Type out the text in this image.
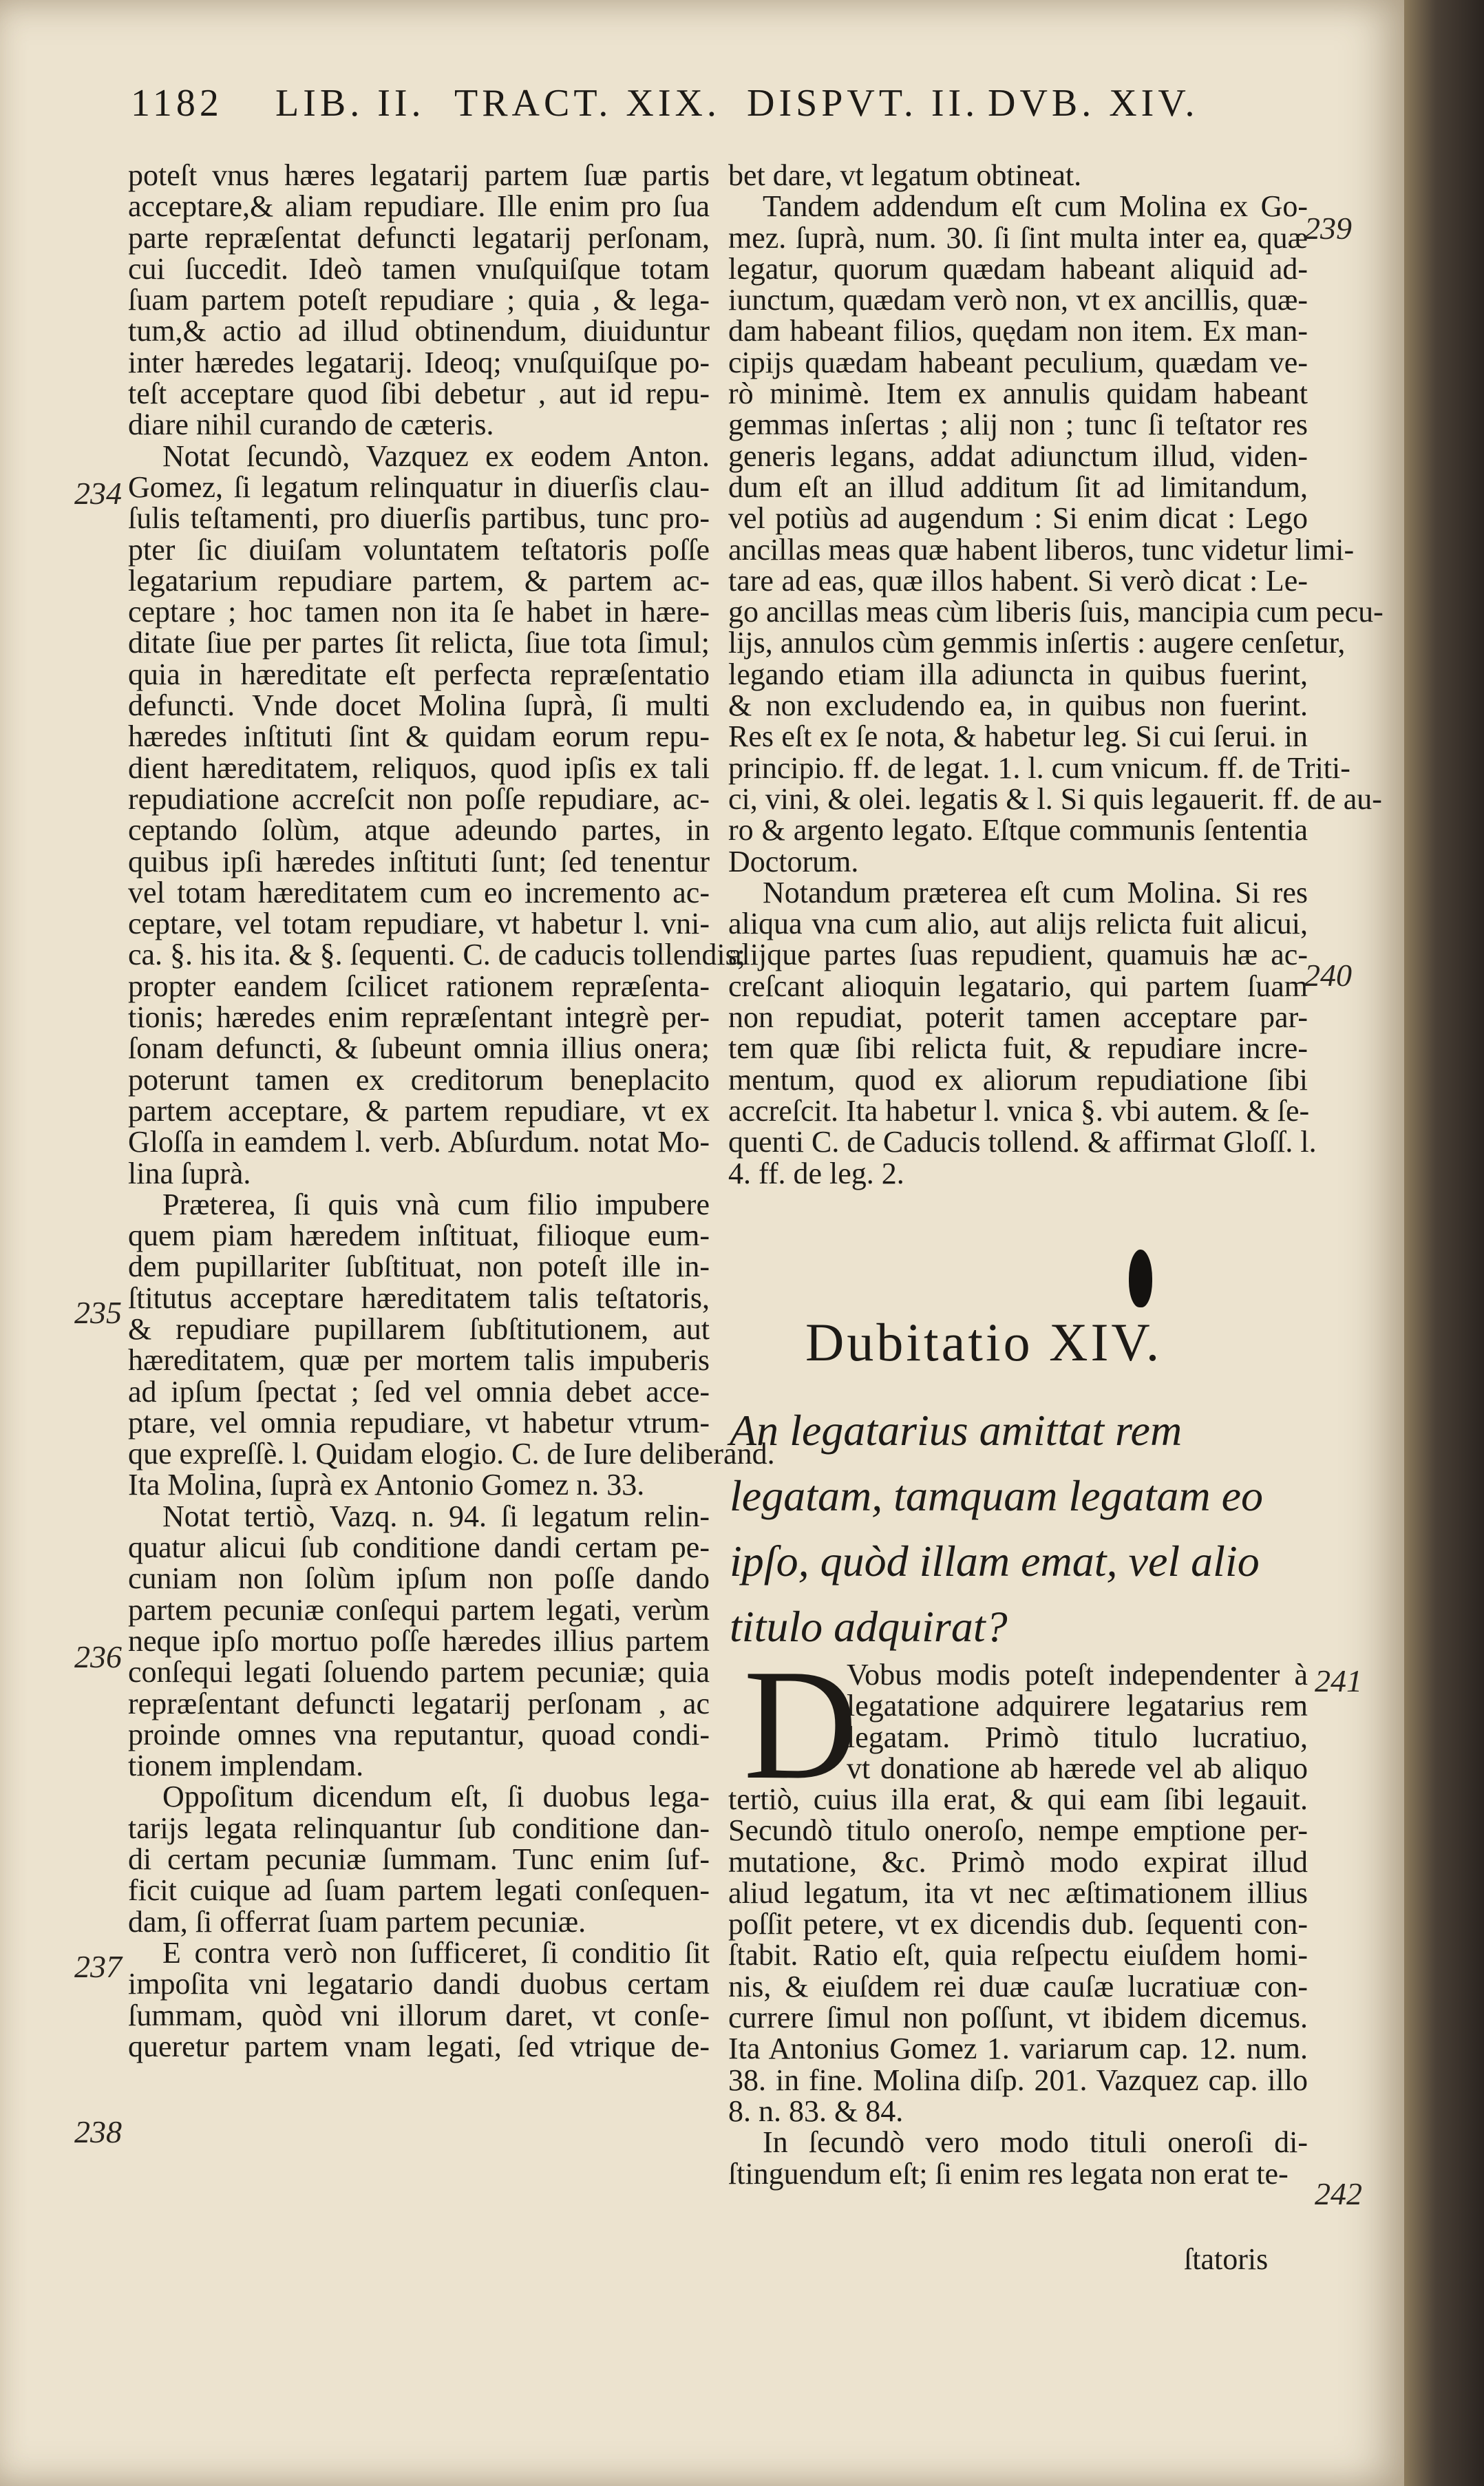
1182 LIB. II. TRACT. XIX. DISPVT. II. DVB. XIV.
poteſt vnus hæres legatarij partem ſuæ partis
acceptare,& aliam repudiare. Ille enim pro ſua
parte repræſentat defuncti legatarij perſonam,
cui ſuccedit. Ideò tamen vnuſquiſque totam
ſuam partem poteſt repudiare ; quia , & lega-
tum,& actio ad illud obtinendum, diuiduntur
inter hæredes legatarij. Ideoq; vnuſquiſque po-
teſt acceptare quod ſibi debetur , aut id repu-
diare nihil curando de cæteris.
Notat ſecundò, Vazquez ex eodem Anton.
Gomez, ſi legatum relinquatur in diuerſis clau-
ſulis teſtamenti, pro diuerſis partibus, tunc pro-
pter ſic diuiſam voluntatem teſtatoris poſſe
legatarium repudiare partem, & partem ac-
ceptare ; hoc tamen non ita ſe habet in hære-
ditate ſiue per partes ſit relicta, ſiue tota ſimul;
quia in hæreditate eſt perfecta repræſentatio
defuncti. Vnde docet Molina ſuprà, ſi multi
hæredes inſtituti ſint & quidam eorum repu-
dient hæreditatem, reliquos, quod ipſis ex tali
repudiatione accreſcit non poſſe repudiare, ac-
ceptando ſolùm, atque adeundo partes, in
quibus ipſi hæredes inſtituti ſunt; ſed tenentur
vel totam hæreditatem cum eo incremento ac-
ceptare, vel totam repudiare, vt habetur l. vni-
ca. §. his ita. & §. ſequenti. C. de caducis tollendis;
propter eandem ſcilicet rationem repræſenta-
tionis; hæredes enim repræſentant integrè per-
ſonam defuncti, & ſubeunt omnia illius onera;
poterunt tamen ex creditorum beneplacito
partem acceptare, & partem repudiare, vt ex
Gloſſa in eamdem l. verb. Abſurdum. notat Mo-
lina ſuprà.
Præterea, ſi quis vnà cum filio impubere
quem piam hæredem inſtituat, filioque eum-
dem pupillariter ſubſtituat, non poteſt ille in-
ſtitutus acceptare hæreditatem talis teſtatoris,
& repudiare pupillarem ſubſtitutionem, aut
hæreditatem, quæ per mortem talis impuberis
ad ipſum ſpectat ; ſed vel omnia debet acce-
ptare, vel omnia repudiare, vt habetur vtrum-
que expreſſè. l. Quidam elogio. C. de Iure deliberand.
Ita Molina, ſuprà ex Antonio Gomez n. 33.
Notat tertiò, Vazq. n. 94. ſi legatum relin-
quatur alicui ſub conditione dandi certam pe-
cuniam non ſolùm ipſum non poſſe dando
partem pecuniæ conſequi partem legati, verùm
neque ipſo mortuo poſſe hæredes illius partem
conſequi legati ſoluendo partem pecuniæ; quia
repræſentant defuncti legatarij perſonam , ac
proinde omnes vna reputantur, quoad condi-
tionem implendam.
Oppoſitum dicendum eſt, ſi duobus lega-
tarijs legata relinquantur ſub conditione dan-
di certam pecuniæ ſummam. Tunc enim ſuf-
ficit cuique ad ſuam partem legati conſequen-
dam, ſi offerrat ſuam partem pecuniæ.
E contra verò non ſufficeret, ſi conditio ſit
impoſita vni legatario dandi duobus certam
ſummam, quòd vni illorum daret, vt conſe-
queretur partem vnam legati, ſed vtrique de-
bet dare, vt legatum obtineat.
Tandem addendum eſt cum Molina ex Go-
mez. ſuprà, num. 30. ſi ſint multa inter ea, quæ
legatur, quorum quædam habeant aliquid ad-
iunctum, quædam verò non, vt ex ancillis, quæ-
dam habeant filios, quędam non item. Ex man-
cipijs quædam habeant peculium, quædam ve-
rò minimè. Item ex annulis quidam habeant
gemmas inſertas ; alij non ; tunc ſi teſtator res
generis legans, addat adiunctum illud, viden-
dum eſt an illud additum ſit ad limitandum,
vel potiùs ad augendum : Si enim dicat : Lego
ancillas meas quæ habent liberos, tunc videtur limi-
tare ad eas, quæ illos habent. Si verò dicat : Le-
go ancillas meas cùm liberis ſuis, mancipia cum pecu-
lijs, annulos cùm gemmis inſertis : augere cenſetur,
legando etiam illa adiuncta in quibus fuerint,
& non excludendo ea, in quibus non fuerint.
Res eſt ex ſe nota, & habetur leg. Si cui ſerui. in
principio. ff. de legat. 1. l. cum vnicum. ff. de Triti-
ci, vini, & olei. legatis & l. Si quis legauerit. ff. de au-
ro & argento legato. Eſtque communis ſententia
Doctorum.
Notandum præterea eſt cum Molina. Si res
aliqua vna cum alio, aut alijs relicta fuit alicui,
alijque partes ſuas repudient, quamuis hæ ac-
creſcant alioquin legatario, qui partem ſuam
non repudiat, poterit tamen acceptare par-
tem quæ ſibi relicta fuit, & repudiare incre-
mentum, quod ex aliorum repudiatione ſibi
accreſcit. Ita habetur l. vnica §. vbi autem. & ſe-
quenti C. de Caducis tollend. & affirmat Gloſſ. l.
4. ff. de leg. 2.
Dubitatio XIV.
An legatarius amittat rem legatam, tamquam legatam eo ipſo, quòd illam emat, vel alio titulo adquirat?
D
Vobus modis poteſt independenter à
legatatione adquirere legatarius rem
legatam. Primò titulo lucratiuo,
vt donatione ab hærede vel ab aliquo
tertiò, cuius illa erat, & qui eam ſibi legauit.
Secundò titulo oneroſo, nempe emptione per-
mutatione, &c. Primò modo expirat illud
aliud legatum, ita vt nec æſtimationem illius
poſſit petere, vt ex dicendis dub. ſequenti con-
ſtabit. Ratio eſt, quia reſpectu eiuſdem homi-
nis, & eiuſdem rei duæ cauſæ lucratiuæ con-
currere ſimul non poſſunt, vt ibidem dicemus.
Ita Antonius Gomez 1. variarum cap. 12. num.
38. in fine. Molina diſp. 201. Vazquez cap. illo
8. n. 83. & 84.
In ſecundò vero modo tituli oneroſi di-
ſtinguendum eſt; ſi enim res legata non erat te-
ſtatoris
234
235
236
237
238
239
240
241
242
